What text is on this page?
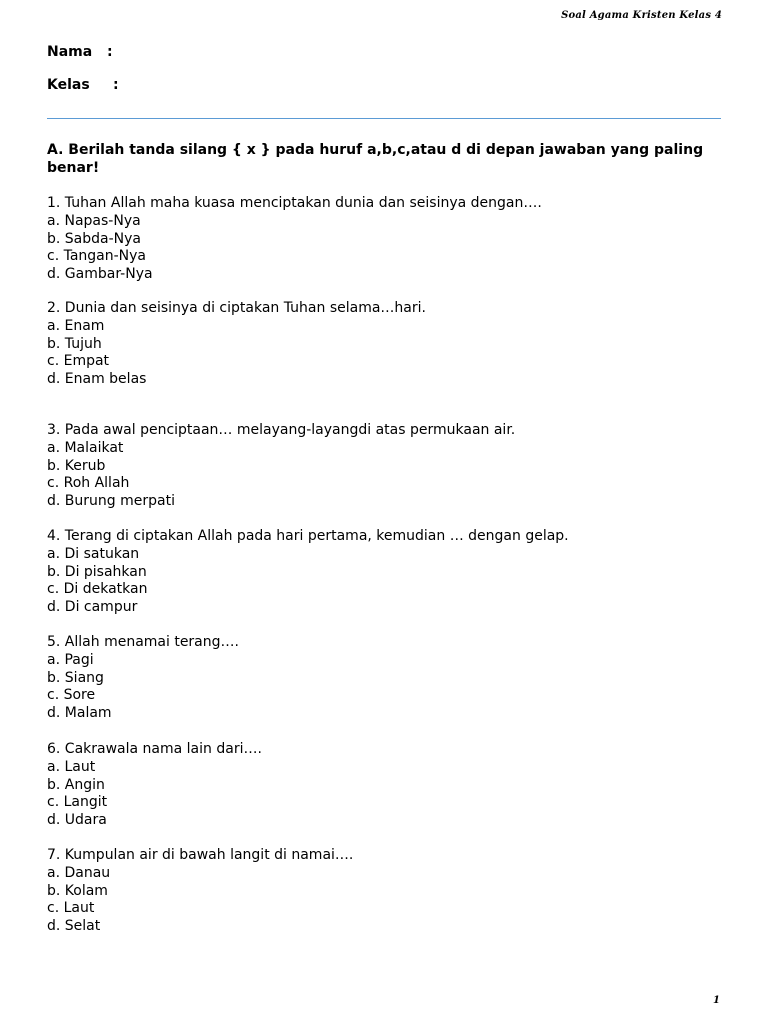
Soal Agama Kristen Kelas 4
Nama :
Kelas :
A. Berilah tanda silang { x } pada huruf a,b,c,atau d di depan jawaban yang paling benar!
1. Tuhan Allah maha kuasa menciptakan dunia dan seisinya dengan….
a. Napas-Nya
b. Sabda-Nya
c. Tangan-Nya
d. Gambar-Nya
2. Dunia dan seisinya di ciptakan Tuhan selama…hari.
a. Enam
b. Tujuh
c. Empat
d. Enam belas
3. Pada awal penciptaan… melayang-layangdi atas permukaan air.
a. Malaikat
b. Kerub
c. Roh Allah
d. Burung merpati
4. Terang di ciptakan Allah pada hari pertama, kemudian … dengan gelap.
a. Di satukan
b. Di pisahkan
c. Di dekatkan
d. Di campur
5. Allah menamai terang….
a. Pagi
b. Siang
c. Sore
d. Malam
6. Cakrawala nama lain dari….
a. Laut
b. Angin
c. Langit
d. Udara
7. Kumpulan air di bawah langit di namai….
a. Danau
b. Kolam
c. Laut
d. Selat
1
